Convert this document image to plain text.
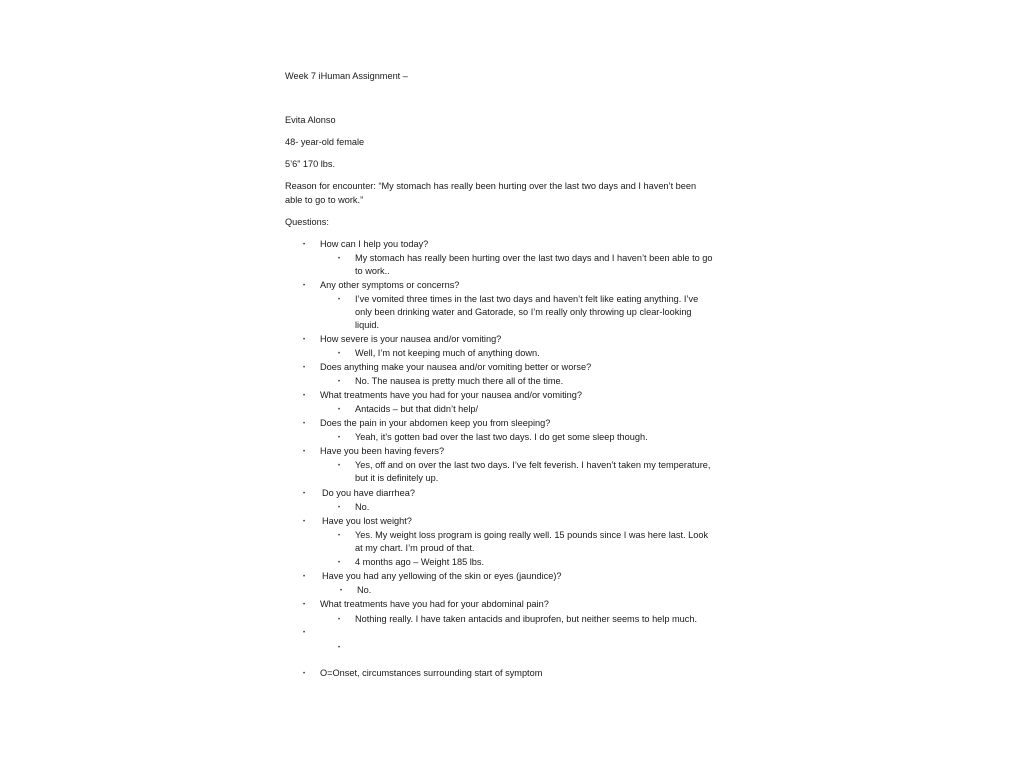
Week 7 iHuman Assignment –
Evita Alonso
48- year-old female
5’6” 170 lbs.
Reason for encounter: “My stomach has really been hurting over the last two days and I haven’t been
able to go to work.”
Questions:
• How can I help you today?
• My stomach has really been hurting over the last two days and I haven’t been able to go
to work..
• Any other symptoms or concerns?
• I’ve vomited three times in the last two days and haven’t felt like eating anything. I’ve
only been drinking water and Gatorade, so I’m really only throwing up clear-looking
liquid.
• How severe is your nausea and/or vomiting?
• Well, I’m not keeping much of anything down.
• Does anything make your nausea and/or vomiting better or worse?
• No. The nausea is pretty much there all of the time.
• What treatments have you had for your nausea and/or vomiting?
• Antacids – but that didn’t help/
• Does the pain in your abdomen keep you from sleeping?
• Yeah, it’s gotten bad over the last two days. I do get some sleep though.
• Have you been having fevers?
• Yes, off and on over the last two days. I’ve felt feverish. I haven’t taken my temperature,
but it is definitely up.
• Do you have diarrhea?
• No.
• Have you lost weight?
• Yes. My weight loss program is going really well. 15 pounds since I was here last. Look
at my chart. I’m proud of that.
• 4 months ago – Weight 185 lbs.
• Have you had any yellowing of the skin or eyes (jaundice)?
• No.
• What treatments have you had for your abdominal pain?
• Nothing really. I have taken antacids and ibuprofen, but neither seems to help much.
•
•
• O=Onset, circumstances surrounding start of symptom
